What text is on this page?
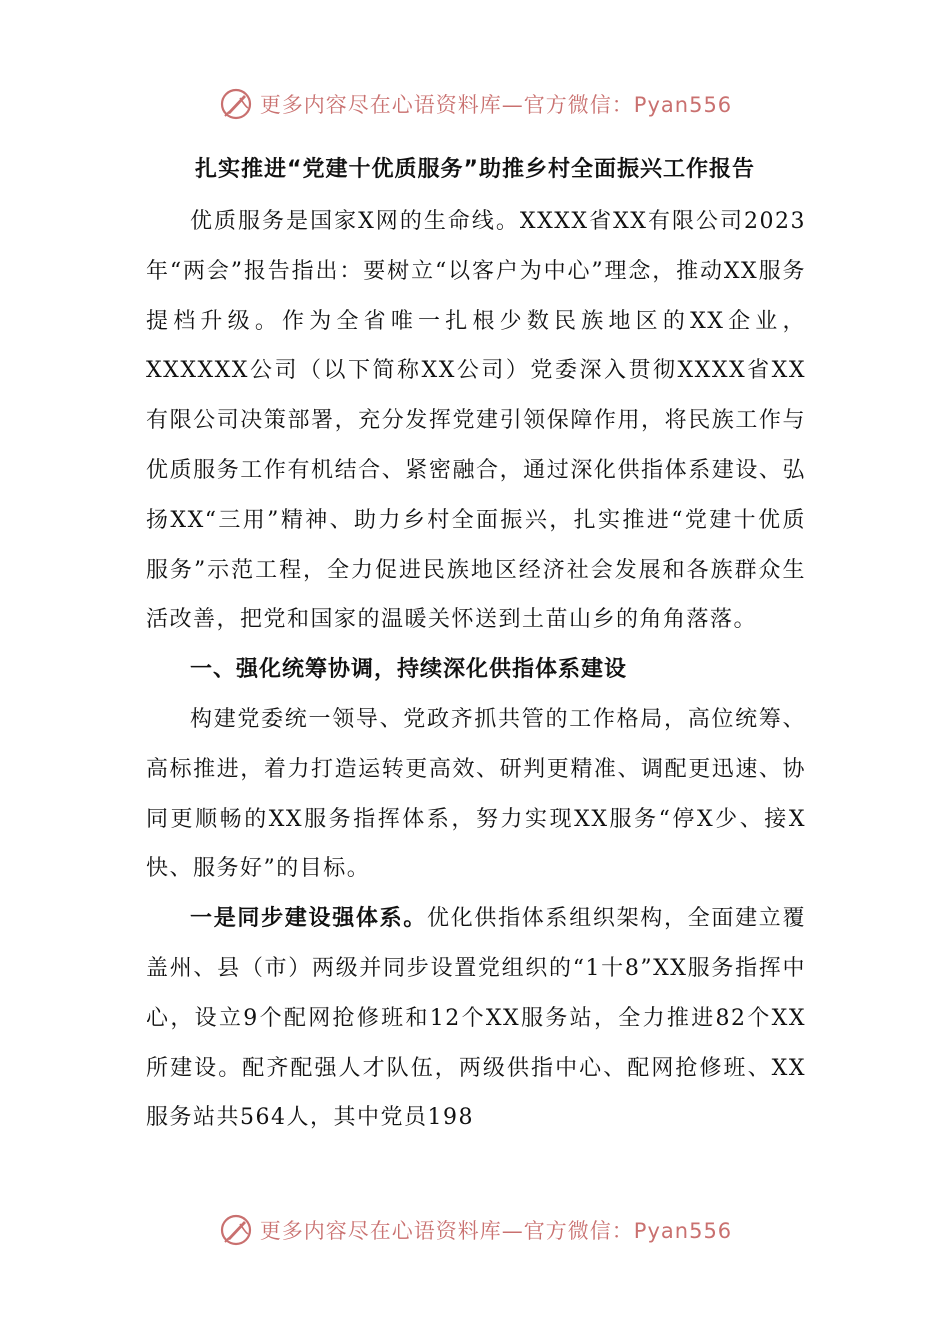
更多内容尽在心语资料库—官方微信：Pyan556
扎实推进“党建十优质服务”助推乡村全面振兴工作报告

优质服务是国家X网的生命线。XXXX省XX有限公司2023年“两会”报告指出：要树立“以客户为中心”理念，推动XX服务提档升级。作为全省唯一扎根少数民族地区的XX企业，XXXXXX公司（以下简称XX公司）党委深入贯彻XXXX省XX有限公司决策部署，充分发挥党建引领保障作用，将民族工作与优质服务工作有机结合、紧密融合，通过深化供指体系建设、弘扬XX“三用”精神、助力乡村全面振兴，扎实推进“党建十优质服务”示范工程，全力促进民族地区经济社会发展和各族群众生活改善，把党和国家的温暖关怀送到土苗山乡的角角落落。

一、强化统筹协调，持续深化供指体系建设

构建党委统一领导、党政齐抓共管的工作格局，高位统筹、高标推进，着力打造运转更高效、研判更精准、调配更迅速、协同更顺畅的XX服务指挥体系，努力实现XX服务“停X少、接X快、服务好”的目标。

一是同步建设强体系。优化供指体系组织架构，全面建立覆盖州、县（市）两级并同步设置党组织的“1十8”XX服务指挥中心，设立9个配网抢修班和12个XX服务站，全力推进82个XX所建设。配齐配强人才队伍，两级供指中心、配网抢修班、XX服务站共564人，其中党员198

更多内容尽在心语资料库—官方微信：Pyan556
